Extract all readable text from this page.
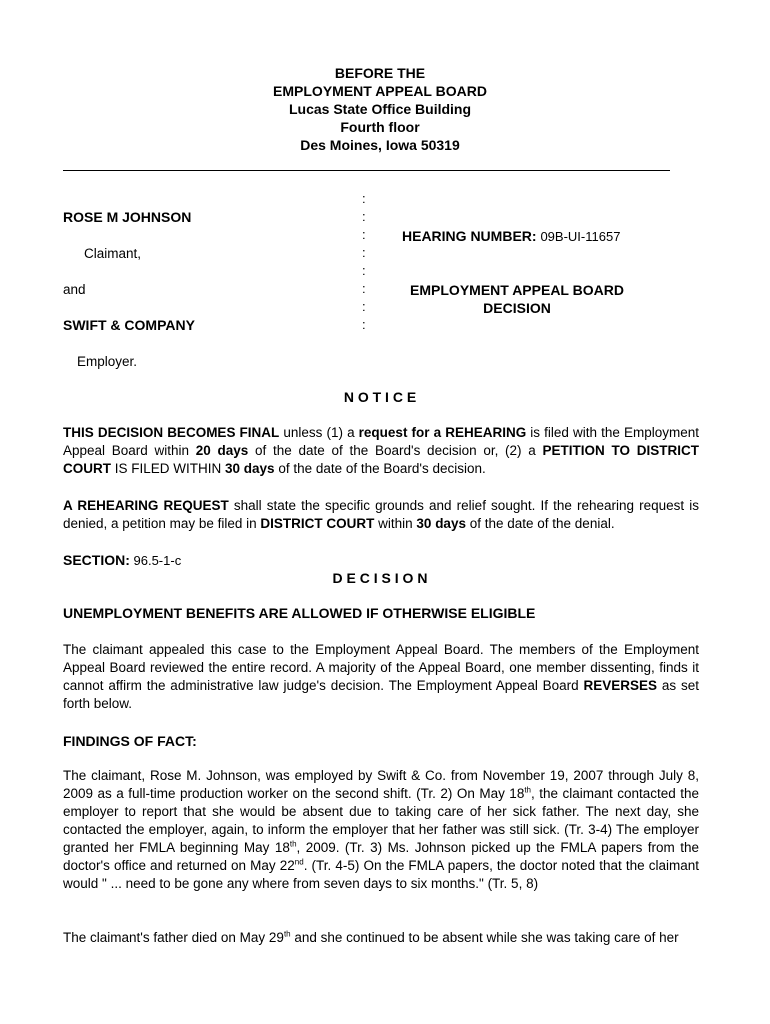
BEFORE THE
EMPLOYMENT APPEAL BOARD
Lucas State Office Building
Fourth floor
Des Moines, Iowa 50319
:
:
:
:
:
:
:
:
ROSE M JOHNSON
Claimant,
and
SWIFT & COMPANY
Employer.
HEARING NUMBER: 09B-UI-11657
EMPLOYMENT APPEAL BOARD
DECISION
N O T I C E
THIS DECISION BECOMES FINAL unless (1) a request for a REHEARING is filed with the Employment Appeal Board within 20 days of the date of the Board's decision or, (2) a PETITION TO DISTRICT COURT IS FILED WITHIN 30 days of the date of the Board's decision.
A REHEARING REQUEST shall state the specific grounds and relief sought. If the rehearing request is denied, a petition may be filed in DISTRICT COURT within 30 days of the date of the denial.
SECTION: 96.5-1-c
D E C I S I O N
UNEMPLOYMENT BENEFITS ARE ALLOWED IF OTHERWISE ELIGIBLE
The claimant appealed this case to the Employment Appeal Board. The members of the Employment Appeal Board reviewed the entire record. A majority of the Appeal Board, one member dissenting, finds it cannot affirm the administrative law judge's decision. The Employment Appeal Board REVERSES as set forth below.
FINDINGS OF FACT:
The claimant, Rose M. Johnson, was employed by Swift & Co. from November 19, 2007 through July 8, 2009 as a full-time production worker on the second shift. (Tr. 2) On May 18th, the claimant contacted the employer to report that she would be absent due to taking care of her sick father. The next day, she contacted the employer, again, to inform the employer that her father was still sick. (Tr. 3-4) The employer granted her FMLA beginning May 18th, 2009. (Tr. 3) Ms. Johnson picked up the FMLA papers from the doctor's office and returned on May 22nd. (Tr. 4-5) On the FMLA papers, the doctor noted that the claimant would " ... need to be gone any where from seven days to six months." (Tr. 5, 8)
The claimant's father died on May 29th and she continued to be absent while she was taking care of her
